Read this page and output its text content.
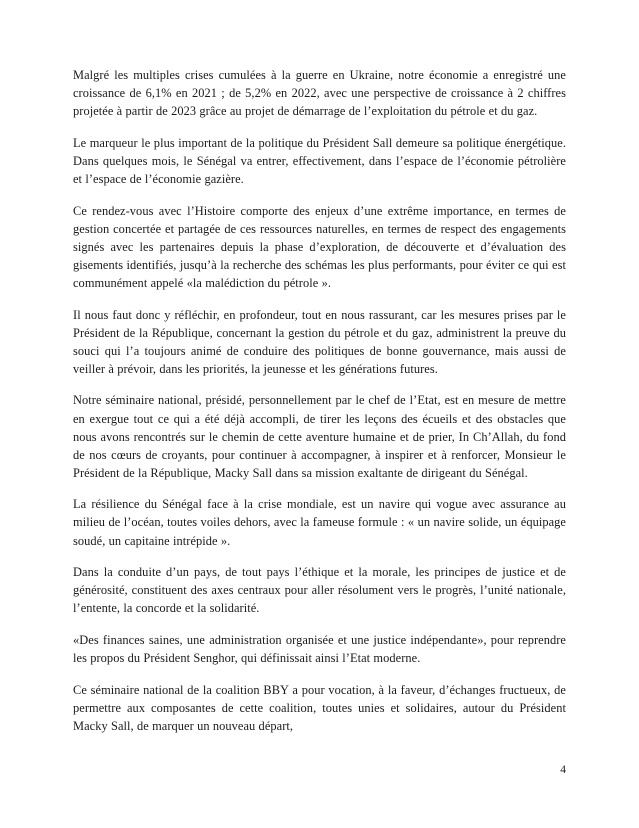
Malgré les multiples crises cumulées à la guerre en Ukraine, notre économie a enregistré une croissance de 6,1% en 2021 ; de 5,2% en 2022, avec une perspective de croissance à 2 chiffres projetée à partir de 2023 grâce au projet de démarrage de l’exploitation du pétrole et du gaz.

Le marqueur le plus important de la politique du Président Sall demeure sa politique énergétique. Dans quelques mois, le Sénégal va entrer, effectivement, dans l’espace de l’économie pétrolière et l’espace de l’économie gazière.

Ce rendez-vous avec l’Histoire comporte des enjeux d’une extrême importance, en termes de gestion concertée et partagée de ces ressources naturelles, en termes de respect des engagements signés avec les partenaires depuis la phase d’exploration, de découverte et d’évaluation des gisements identifiés, jusqu’à la recherche des schémas les plus performants, pour éviter ce qui est communément appelé «la malédiction du pétrole ».

Il nous faut donc y réfléchir, en profondeur, tout en nous rassurant, car les mesures prises par le Président de la République, concernant la gestion du pétrole et du gaz, administrent la preuve du souci qui l’a toujours animé de conduire des politiques de bonne gouvernance, mais aussi de veiller à prévoir, dans les priorités, la jeunesse et les générations futures.

Notre séminaire national, présidé, personnellement par le chef de l’Etat, est en mesure de mettre en exergue tout ce qui a été déjà accompli, de tirer les leçons des écueils et des obstacles que nous avons rencontrés sur le chemin de cette aventure humaine et de prier, In Ch’Allah, du fond de nos cœurs de croyants, pour continuer à accompagner, à inspirer et à renforcer, Monsieur le Président de la République, Macky Sall dans sa mission exaltante de dirigeant du Sénégal.

La résilience du Sénégal face à la crise mondiale, est un navire qui vogue avec assurance au milieu de l’océan, toutes voiles dehors, avec la fameuse formule : « un navire solide, un équipage soudé, un capitaine intrépide ».

Dans la conduite d’un pays, de tout pays l’éthique et la morale, les principes de justice et de générosité, constituent des axes centraux pour aller résolument vers le progrès, l’unité nationale, l’entente, la concorde et la solidarité.

«Des finances saines, une administration organisée et une justice indépendante», pour reprendre les propos du Président Senghor, qui définissait ainsi l’Etat moderne.

Ce séminaire national de la coalition BBY a pour vocation, à la faveur, d’échanges fructueux, de permettre aux composantes de cette coalition, toutes unies et solidaires, autour du Président Macky Sall, de marquer un nouveau départ,

4
